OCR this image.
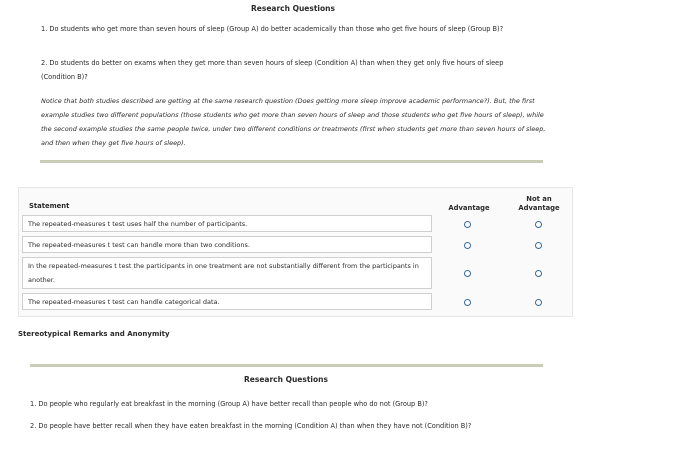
Research Questions
1. Do students who get more than seven hours of sleep (Group A) do better academically than those who get five hours of sleep (Group B)?
2. Do students do better on exams when they get more than seven hours of sleep (Condition A) than when they get only five hours of sleep (Condition B)?
Notice that both studies described are getting at the same research question (Does getting more sleep improve academic performance?). But, the first example studies two different populations (those students who get more than seven hours of sleep and those students who get five hours of sleep), while the second example studies the same people twice, under two different conditions or treatments (first when students get more than seven hours of sleep, and then when they get five hours of sleep).
Statement	Advantage
Not an Advantage
The repeated-measures t test uses half the number of participants.
The repeated-measures t test can handle more than two conditions.
In the repeated-measures t test the participants in one treatment are not substantially different from the participants in another.
The repeated-measures t test can handle categorical data.
Stereotypical Remarks and Anonymity
Research Questions
1. Do people who regularly eat breakfast in the morning (Group A) have better recall than people who do not (Group B)?
2. Do people have better recall when they have eaten breakfast in the morning (Condition A) than when they have not (Condition B)?
